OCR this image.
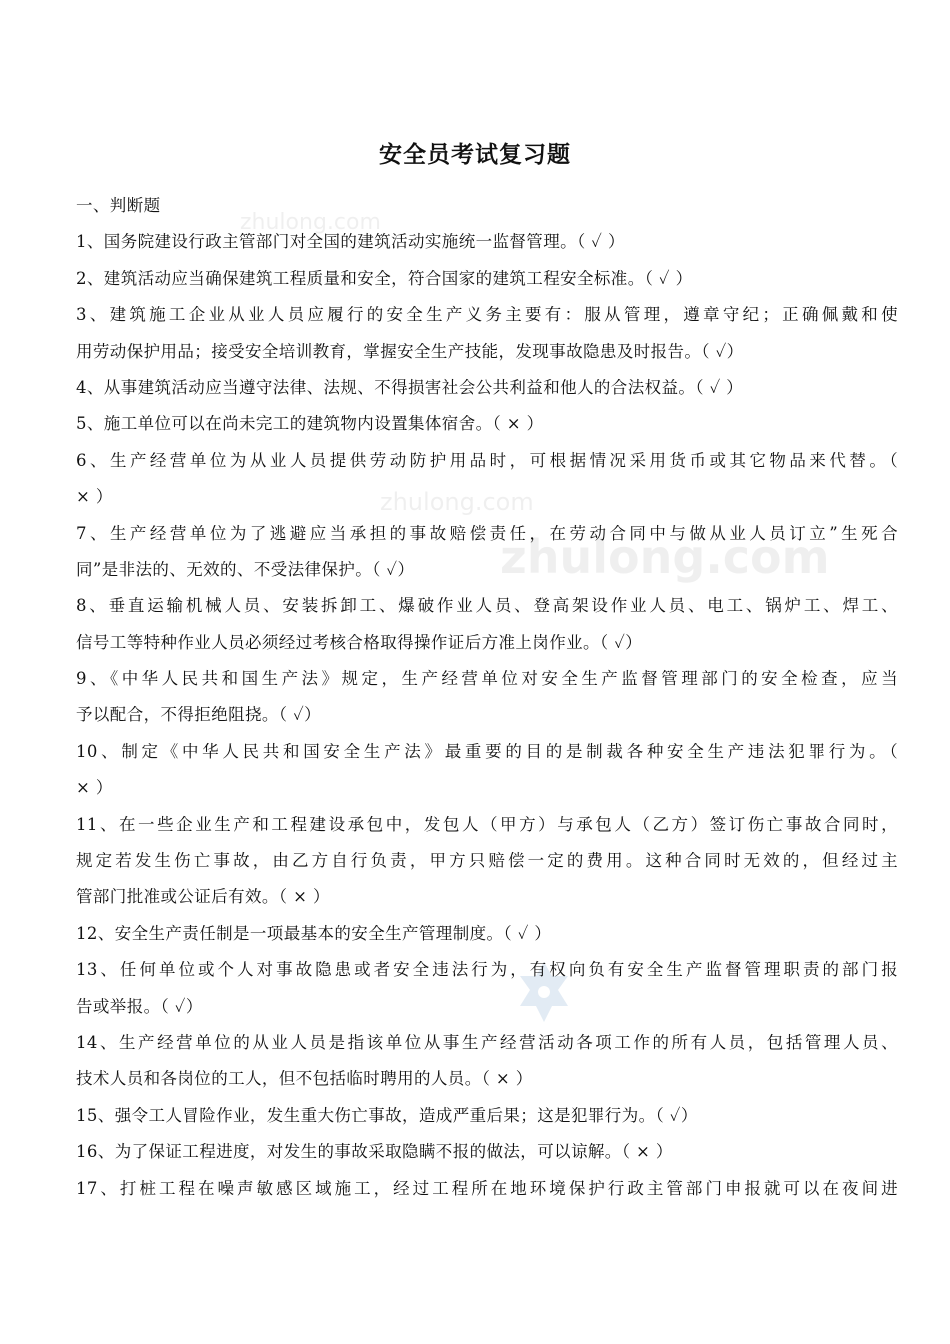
zhulong.com
zhulong.com
zhulong.com
安全员考试复习题
一、判断题
1、国务院建设行政主管部门对全国的建筑活动实施统一监督管理。（ ✓ ）
2、建筑活动应当确保建筑工程质量和安全，符合国家的建筑工程安全标准。（ ✓ ）
3、建筑施工企业从业人员应履行的安全生产义务主要有：服从管理，遵章守纪；正确佩戴和使
用劳动保护用品；接受安全培训教育，掌握安全生产技能，发现事故隐患及时报告。（ ✓）
4、从事建筑活动应当遵守法律、法规、不得损害社会公共利益和他人的合法权益。（ ✓ ）
5、施工单位可以在尚未完工的建筑物内设置集体宿舍。（ × ）
6、生产经营单位为从业人员提供劳动防护用品时，可根据情况采用货币或其它物品来代替。（
× ）
7、生产经营单位为了逃避应当承担的事故赔偿责任，在劳动合同中与做从业人员订立”生死合
同”是非法的、无效的、不受法律保护。（ ✓）
8、垂直运输机械人员、安装拆卸工、爆破作业人员、登高架设作业人员、电工、锅炉工、焊工、
信号工等特种作业人员必须经过考核合格取得操作证后方准上岗作业。（ ✓）
9、《中华人民共和国生产法》规定，生产经营单位对安全生产监督管理部门的安全检查，应当
予以配合，不得拒绝阻挠。（ ✓）
10、制定《中华人民共和国安全生产法》最重要的目的是制裁各种安全生产违法犯罪行为。（
× ）
11、在一些企业生产和工程建设承包中，发包人（甲方）与承包人（乙方）签订伤亡事故合同时，
规定若发生伤亡事故，由乙方自行负责，甲方只赔偿一定的费用。这种合同时无效的，但经过主
管部门批准或公证后有效。（ × ）
12、安全生产责任制是一项最基本的安全生产管理制度。（ ✓ ）
13、任何单位或个人对事故隐患或者安全违法行为，有权向负有安全生产监督管理职责的部门报
告或举报。（ ✓）
14、生产经营单位的从业人员是指该单位从事生产经营活动各项工作的所有人员，包括管理人员、
技术人员和各岗位的工人，但不包括临时聘用的人员。（ × ）
15、强令工人冒险作业，发生重大伤亡事故，造成严重后果；这是犯罪行为。（ ✓）
16、为了保证工程进度，对发生的事故采取隐瞒不报的做法，可以谅解。（ × ）
17、打桩工程在噪声敏感区域施工，经过工程所在地环境保护行政主管部门申报就可以在夜间进
